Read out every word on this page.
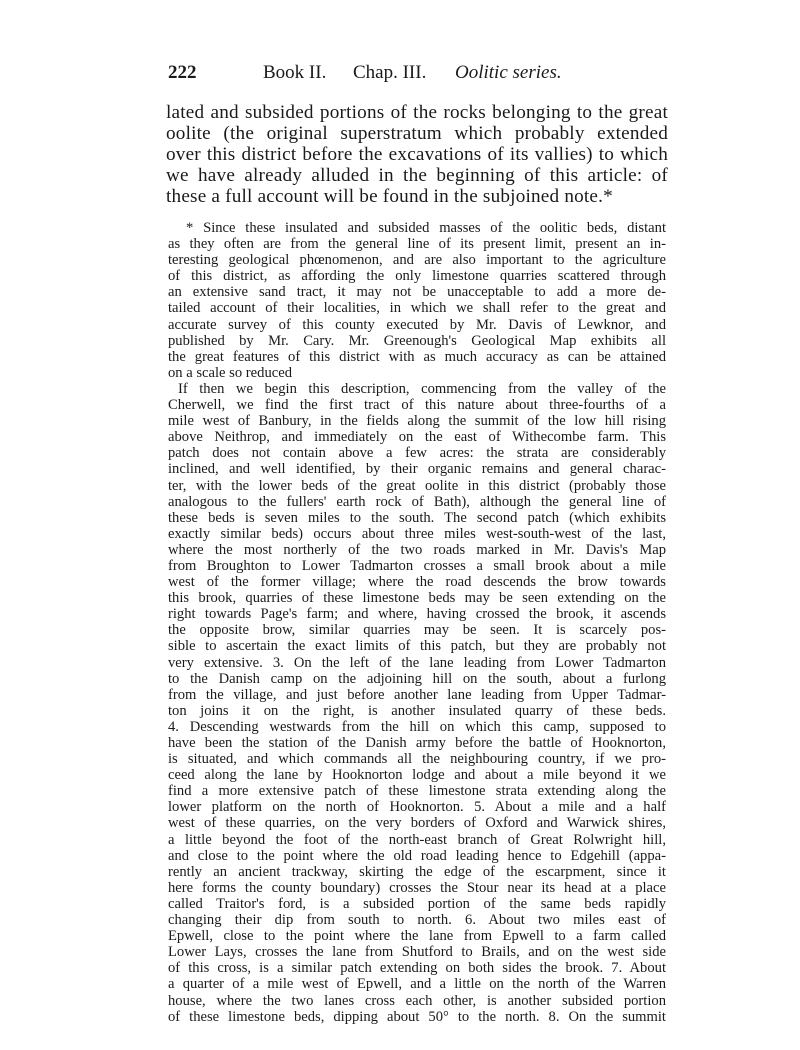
222	Book II. Chap. III. Oolitic series.
lated and subsided portions of the rocks belonging to the great
oolite (the original superstratum which probably extended
over this district before the excavations of its vallies) to which
we have already alluded in the beginning of this article: of
these a full account will be found in the subjoined note.*
* Since these insulated and subsided masses of the oolitic beds, distant
as they often are from the general line of its present limit, present an in-
teresting geological phœnomenon, and are also important to the agriculture
of this district, as affording the only limestone quarries scattered through
an extensive sand tract, it may not be unacceptable to add a more de-
tailed account of their localities, in which we shall refer to the great and
accurate survey of this county executed by Mr. Davis of Lewknor, and
published by Mr. Cary. Mr. Greenough's Geological Map exhibits all
the great features of this district with as much accuracy as can be attained
on a scale so reduced
If then we begin this description, commencing from the valley of the
Cherwell, we find the first tract of this nature about three-fourths of a
mile west of Banbury, in the fields along the summit of the low hill rising
above Neithrop, and immediately on the east of Withecombe farm. This
patch does not contain above a few acres: the strata are considerably
inclined, and well identified, by their organic remains and general charac-
ter, with the lower beds of the great oolite in this district (probably those
analogous to the fullers' earth rock of Bath), although the general line of
these beds is seven miles to the south. The second patch (which exhibits
exactly similar beds) occurs about three miles west-south-west of the last,
where the most northerly of the two roads marked in Mr. Davis's Map
from Broughton to Lower Tadmarton crosses a small brook about a mile
west of the former village; where the road descends the brow towards
this brook, quarries of these limestone beds may be seen extending on the
right towards Page's farm; and where, having crossed the brook, it ascends
the opposite brow, similar quarries may be seen. It is scarcely pos-
sible to ascertain the exact limits of this patch, but they are probably not
very extensive. 3. On the left of the lane leading from Lower Tadmarton
to the Danish camp on the adjoining hill on the south, about a furlong
from the village, and just before another lane leading from Upper Tadmar-
ton joins it on the right, is another insulated quarry of these beds.
4. Descending westwards from the hill on which this camp, supposed to
have been the station of the Danish army before the battle of Hooknorton,
is situated, and which commands all the neighbouring country, if we pro-
ceed along the lane by Hooknorton lodge and about a mile beyond it we
find a more extensive patch of these limestone strata extending along the
lower platform on the north of Hooknorton. 5. About a mile and a half
west of these quarries, on the very borders of Oxford and Warwick shires,
a little beyond the foot of the north-east branch of Great Rolwright hill,
and close to the point where the old road leading hence to Edgehill (appa-
rently an ancient trackway, skirting the edge of the escarpment, since it
here forms the county boundary) crosses the Stour near its head at a place
called Traitor's ford, is a subsided portion of the same beds rapidly
changing their dip from south to north. 6. About two miles east of
Epwell, close to the point where the lane from Epwell to a farm called
Lower Lays, crosses the lane from Shutford to Brails, and on the west side
of this cross, is a similar patch extending on both sides the brook. 7. About
a quarter of a mile west of Epwell, and a little on the north of the Warren
house, where the two lanes cross each other, is another subsided portion
of these limestone beds, dipping about 50° to the north. 8. On the summit
